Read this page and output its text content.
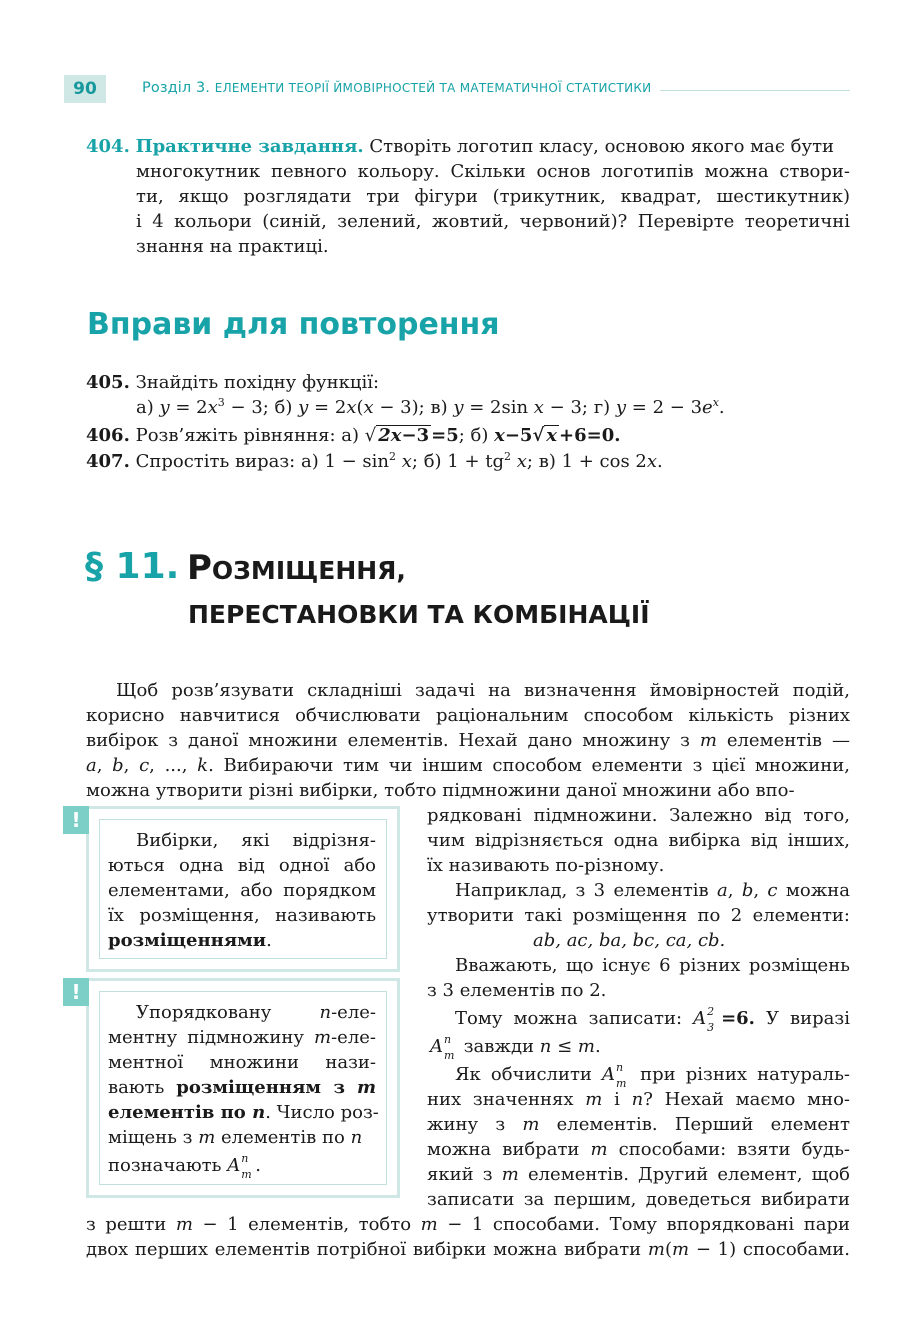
90	Розділ 3. ЕЛЕМЕНТИ ТЕОРІЇ ЙМОВІРНОСТЕЙ ТА МАТЕМАТИЧНОЇ СТАТИСТИКИ
404. Практичне завдання. Створіть логотип класу, основою якого має бути
многокутник певного кольору. Скільки основ логотипів можна створи-
ти, якщо розглядати три фігури (трикутник, квадрат, шестикутник)
і 4 кольори (синій, зелений, жовтий, червоний)? Перевірте теоретичні
знання на практиці.
Вправи для повторення
405. Знайдіть похідну функції:
а) $y = 2x^3 - 3$; б) y = 2x(x − 3); в) y = 2sin x − 3; г) $y = 2 - 3e^x$.
406. Розв’яжіть рівняння: а) √ 2x−3 =5; б) x−5√ x +6=0.
407. Спростіть вираз: а) $1 - \sin^2 x$; б) $1 + tg^2$ x; в) 1 + cos 2x.
§ 11. РОЗМІЩЕННЯ,
ПЕРЕСТАНОВКИ ТА КОМБІНАЦІЇ
Щоб розв’язувати складніші задачі на визначення ймовірностей подій,
корисно навчитися обчислювати раціональним способом кількість різних
вибірок з даної множини елементів. Нехай дано множину з m елементів —
a, b, c, ..., k. Вибираючи тим чи іншим способом елементи з цієї множини,
можна утворити різні вибірки, тобто підмножини даної множини або впо-
!
Вибірки, які відрізня-
ються одна від одної або
елементами, або порядком
їх розміщення, називають
розміщеннями.
!
Упорядковану	n-еле-
ментну підмножину m-еле-
ментної множини нази-
вають розміщенням з m
елементів по n. Число роз-
міщень з m елементів по n
позначають A n
m .
рядковані підмножини. Залежно від того,
чим відрізняється одна вибірка від інших,
їх називають по-різному.
Наприклад, з 3 елементів a, b, c можна
утворити такі розміщення по 2 елементи:
ab, ac, ba, bc, ca, cb.
Вважають, що існує 6 різних розміщень
з 3 елементів по 2.
Тому можна записати: A 2
3 =6. У виразі
A n
m завжди n ≤ m.
Як обчислити A n
m при різних натураль-
них значеннях m і n? Нехай маємо мно-
жину з m елементів. Перший елемент
можна вибрати m способами: взяти будь-
який з m елементів. Другий елемент, щоб
записати за першим, доведеться вибирати
з решти m − 1 елементів, тобто m − 1 способами. Тому впорядковані пари
двох перших елементів потрібної вибірки можна вибрати m(m − 1) способами.
